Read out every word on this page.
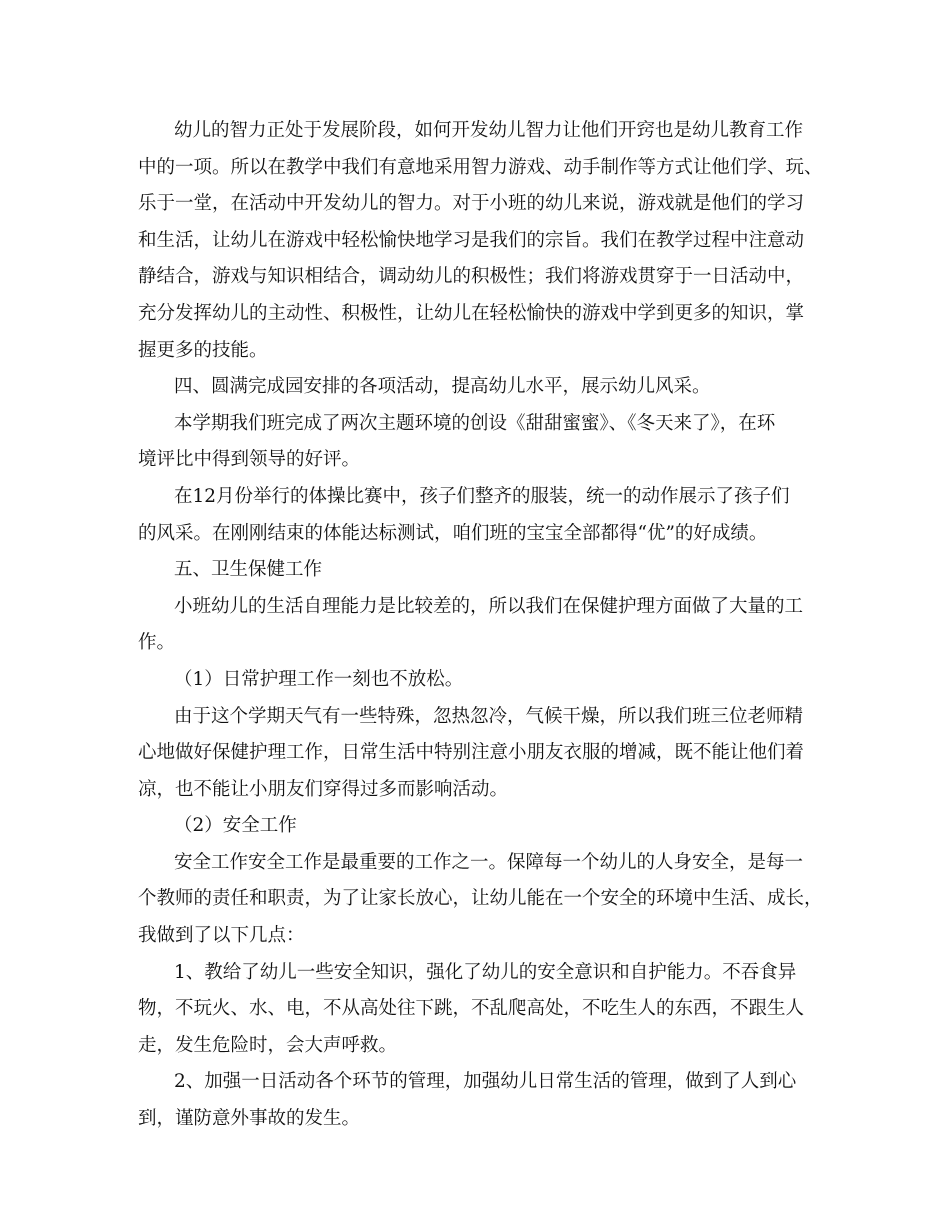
幼儿的智力正处于发展阶段，如何开发幼儿智力让他们开窍也是幼儿教育工作
中的一项。所以在教学中我们有意地采用智力游戏、动手制作等方式让他们学、玩、
乐于一堂，在活动中开发幼儿的智力。对于小班的幼儿来说，游戏就是他们的学习
和生活，让幼儿在游戏中轻松愉快地学习是我们的宗旨。我们在教学过程中注意动
静结合，游戏与知识相结合，调动幼儿的积极性；我们将游戏贯穿于一日活动中，
充分发挥幼儿的主动性、积极性，让幼儿在轻松愉快的游戏中学到更多的知识，掌
握更多的技能。
四、圆满完成园安排的各项活动，提高幼儿水平，展示幼儿风采。
本学期我们班完成了两次主题环境的创设《甜甜蜜蜜》、《冬天来了》，在环
境评比中得到领导的好评。
在12月份举行的体操比赛中，孩子们整齐的服装，统一的动作展示了孩子们
的风采。在刚刚结束的体能达标测试，咱们班的宝宝全部都得“优”的好成绩。
五、卫生保健工作
小班幼儿的生活自理能力是比较差的，所以我们在保健护理方面做了大量的工
作。
（1）日常护理工作一刻也不放松。
由于这个学期天气有一些特殊，忽热忽冷，气候干燥，所以我们班三位老师精
心地做好保健护理工作，日常生活中特别注意小朋友衣服的增减，既不能让他们着
凉，也不能让小朋友们穿得过多而影响活动。
（2）安全工作
安全工作安全工作是最重要的工作之一。保障每一个幼儿的人身安全，是每一
个教师的责任和职责，为了让家长放心，让幼儿能在一个安全的环境中生活、成长，
我做到了以下几点：
1、教给了幼儿一些安全知识，强化了幼儿的安全意识和自护能力。不吞食异
物，不玩火、水、电，不从高处往下跳，不乱爬高处，不吃生人的东西，不跟生人
走，发生危险时，会大声呼救。
2、加强一日活动各个环节的管理，加强幼儿日常生活的管理，做到了人到心
到，谨防意外事故的发生。
